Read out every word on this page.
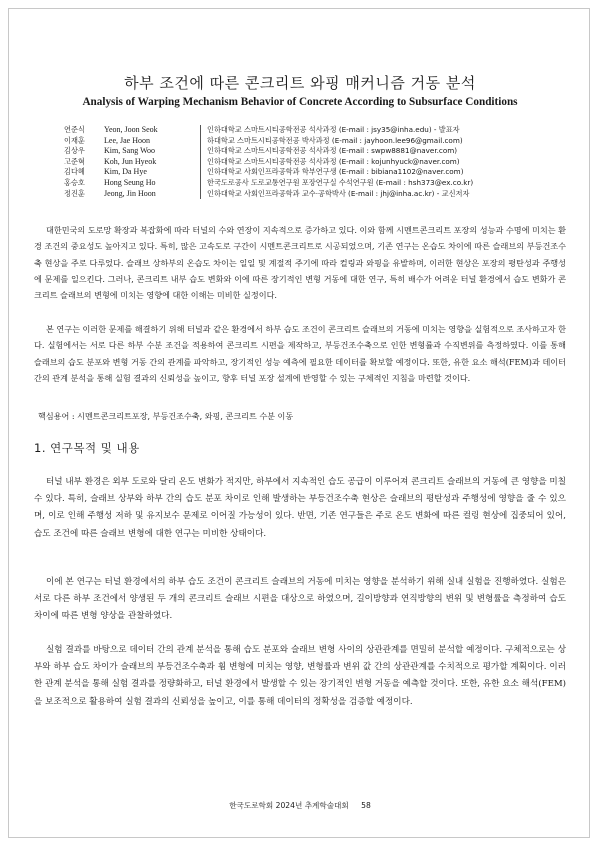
하부 조건에 따른 콘크리트 와핑 매커니즘 거동 분석
Analysis of Warping Mechanism Behavior of Concrete According to Subsurface Conditions
연준식	Yeon, Joon Seok	인하대학교 스마트시티공학전공 석사과정 (E-mail : jsy35@inha.edu) - 발표자
이재훈	Lee, Jae Hoon	하대학교 스마트시티공학전공 박사과정 (E-mail : jayhoon.lee96@gmail.com)
김상우	Kim, Sang Woo	인하대학교 스마트시티공학전공 석사과정 (E-mail : swpw8881@naver.com)
고준혁	Koh, Jun Hyeok	인하대학교 스마트시티공학전공 석사과정 (E-mail : kojunhyuck@naver.com)
김다혜	Kim, Da Hye	인하대학교 사회인프라공학과 학부연구생 (E-mail : bibiana1102@naver.com)
홍승호	Hong Seung Ho	한국도로공사 도로교통연구원 포장연구실 수석연구원 (E-mail : hsh373@ex.co.kr)
정진훈	Jeong, Jin Hoon	인하대학교 사회인프라공학과 교수·공학박사 (E-mail : jhj@inha.ac.kr) - 교신저자

대한민국의 도로망 확장과 복잡화에 따라 터널의 수와 연장이 지속적으로 증가하고 있다. 이와 함께 시멘트콘크리트 포장의 성능과 수명에 미치는 환경 조건의 중요성도 높아지고 있다. 특히, 많은 고속도로 구간이 시멘트콘크리트로 시공되었으며, 기존 연구는 온습도 차이에 따른 슬래브의 부등건조수축 현상을 주로 다루었다. 슬래브 상하부의 온습도 차이는 일일 및 계절적 주기에 따라 컬링과 와핑을 유발하며, 이러한 현상은 포장의 평탄성과 주행성에 문제를 일으킨다. 그러나, 콘크리트 내부 습도 변화와 이에 따른 장기적인 변형 거동에 대한 연구, 특히 배수가 어려운 터널 환경에서 습도 변화가 콘크리트 슬래브의 변형에 미치는 영향에 대한 이해는 미비한 실정이다.

본 연구는 이러한 문제를 해결하기 위해 터널과 같은 환경에서 하부 습도 조건이 콘크리트 슬래브의 거동에 미치는 영향을 실험적으로 조사하고자 한다. 실험에서는 서로 다른 하부 수분 조건을 적용하여 콘크리트 시편을 제작하고, 부등건조수축으로 인한 변형률과 수직변위를 측정하였다. 이를 통해 슬래브의 습도 분포와 변형 거동 간의 관계를 파악하고, 장기적인 성능 예측에 필요한 데이터를 확보할 예정이다. 또한, 유한 요소 해석(FEM)과 데이터 간의 관계 분석을 통해 실험 결과의 신뢰성을 높이고, 향후 터널 포장 설계에 반영할 수 있는 구체적인 지침을 마련할 것이다.

핵심용어 : 시멘트콘크리트포장, 부등건조수축, 와핑, 콘크리트 수분 이동
1. 연구목적 및 내용

터널 내부 환경은 외부 도로와 달리 온도 변화가 적지만, 하부에서 지속적인 습도 공급이 이루어져 콘크리트 슬래브의 거동에 큰 영향을 미칠 수 있다. 특히, 슬래브 상부와 하부 간의 습도 분포 차이로 인해 발생하는 부등건조수축 현상은 슬래브의 평탄성과 주행성에 영향을 줄 수 있으며, 이로 인해 주행성 저하 및 유지보수 문제로 이어질 가능성이 있다. 반면, 기존 연구들은 주로 온도 변화에 따른 컬링 현상에 집중되어 있어, 습도 조건에 따른 슬래브 변형에 대한 연구는 미비한 상태이다.

이에 본 연구는 터널 환경에서의 하부 습도 조건이 콘크리트 슬래브의 거동에 미치는 영향을 분석하기 위해 실내 실험을 진행하였다. 실험은 서로 다른 하부 조건에서 양생된 두 개의 콘크리트 슬래브 시편을 대상으로 하였으며, 길이방향과 연직방향의 변위 및 변형률을 측정하여 습도 차이에 따른 변형 양상을 관찰하였다.

실험 결과를 바탕으로 데이터 간의 관계 분석을 통해 습도 분포와 슬래브 변형 사이의 상관관계를 면밀히 분석할 예정이다. 구체적으로는 상부와 하부 습도 차이가 슬래브의 부등건조수축과 휨 변형에 미치는 영향, 변형률과 변위 값 간의 상관관계를 수치적으로 평가할 계획이다. 이러한 관계 분석을 통해 실험 결과를 정량화하고, 터널 환경에서 발생할 수 있는 장기적인 변형 거동을 예측할 것이다. 또한, 유한 요소 해석(FEM)을 보조적으로 활용하여 실험 결과의 신뢰성을 높이고, 이를 통해 데이터의 정확성을 검증할 예정이다.

한국도로학회 2024년 추계학술대회 58
